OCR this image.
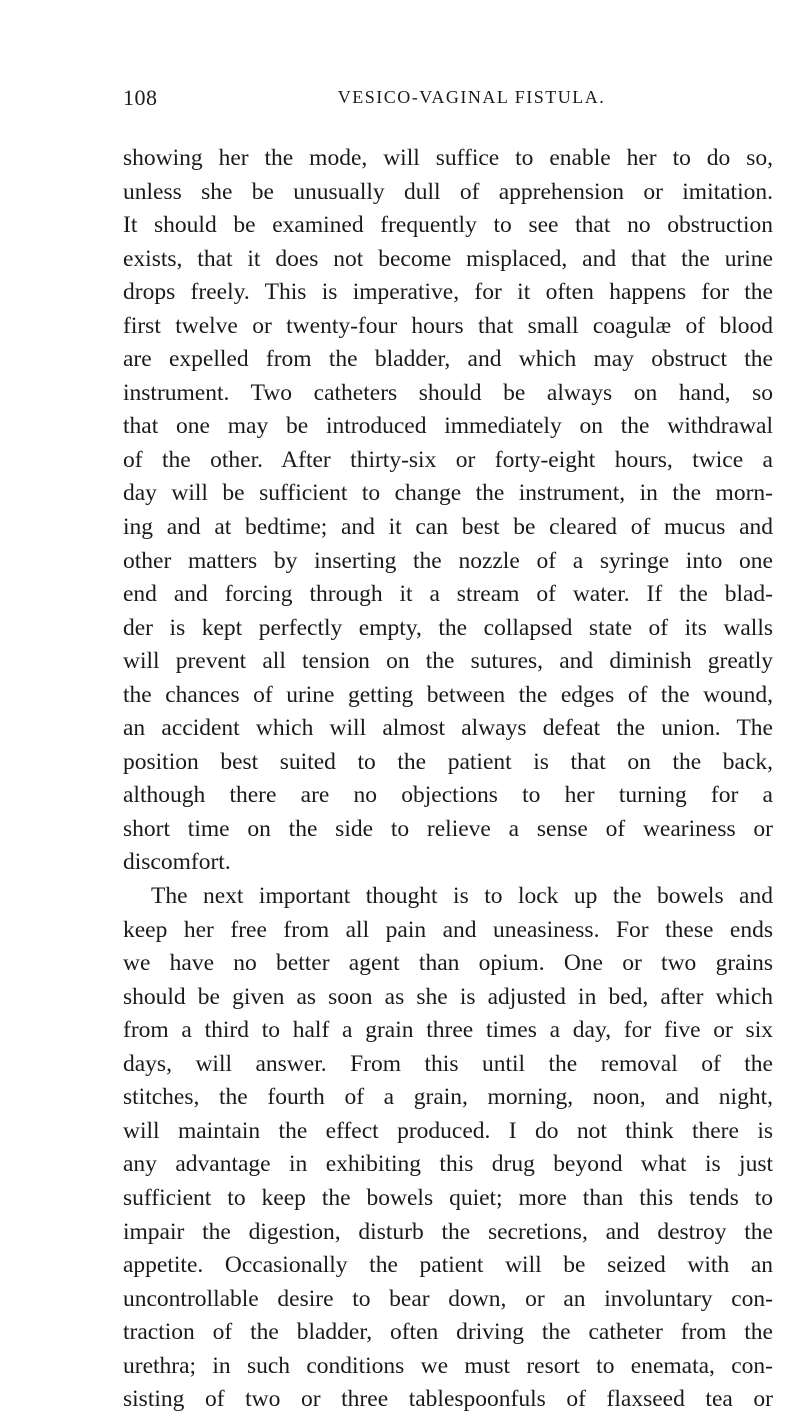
108	VESICO-VAGINAL FISTULA.
showing her the mode, will suffice to enable her to do so,
unless she be unusually dull of apprehension or imitation.
It should be examined frequently to see that no obstruction
exists, that it does not become misplaced, and that the urine
drops freely. This is imperative, for it often happens for the
first twelve or twenty-four hours that small coagulæ of blood
are expelled from the bladder, and which may obstruct the
instrument. Two catheters should be always on hand, so
that one may be introduced immediately on the withdrawal
of the other. After thirty-six or forty-eight hours, twice a
day will be sufficient to change the instrument, in the morn-
ing and at bedtime; and it can best be cleared of mucus and
other matters by inserting the nozzle of a syringe into one
end and forcing through it a stream of water. If the blad-
der is kept perfectly empty, the collapsed state of its walls
will prevent all tension on the sutures, and diminish greatly
the chances of urine getting between the edges of the wound,
an accident which will almost always defeat the union. The
position best suited to the patient is that on the back,
although there are no objections to her turning for a
short time on the side to relieve a sense of weariness or
discomfort.
The next important thought is to lock up the bowels and
keep her free from all pain and uneasiness. For these ends
we have no better agent than opium. One or two grains
should be given as soon as she is adjusted in bed, after which
from a third to half a grain three times a day, for five or six
days, will answer. From this until the removal of the
stitches, the fourth of a grain, morning, noon, and night,
will maintain the effect produced. I do not think there is
any advantage in exhibiting this drug beyond what is just
sufficient to keep the bowels quiet; more than this tends to
impair the digestion, disturb the secretions, and destroy the
appetite. Occasionally the patient will be seized with an
uncontrollable desire to bear down, or an involuntary con-
traction of the bladder, often driving the catheter from the
urethra; in such conditions we must resort to enemata, con-
sisting of two or three tablespoonfuls of flaxseed tea or
